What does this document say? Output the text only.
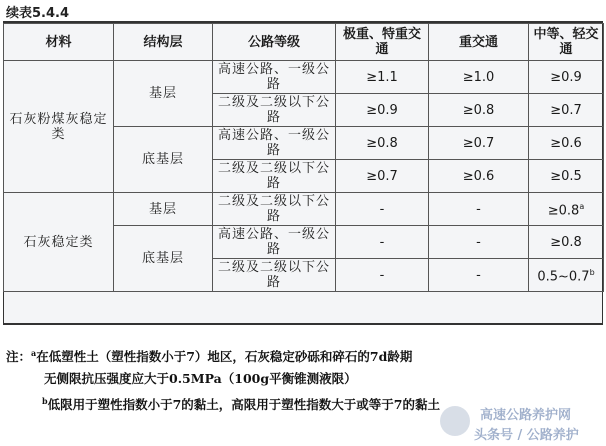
续表5.4.4
材料	结构层	公路等级	极重、特重交通	重交通	中等、轻交通
石灰粉煤灰稳定类	基层	高速公路、一级公路	≥1.1	≥1.0	≥0.9
		二级及二级以下公路	≥0.9	≥0.8	≥0.7
	底基层	高速公路、一级公路	≥0.8	≥0.7	≥0.6
		二级及二级以下公路	≥0.7	≥0.6	≥0.5
石灰稳定类	基层	二级及二级以下公路	-	-	≥0.8$^a$
	底基层	高速公路、一级公路	-	-	≥0.8
		二级及二级以下公路	-	-	0.5~0.7$^b$
注：$^a$在低塑性土（塑性指数小于7）地区，石灰稳定砂砾和碎石的7d龄期
无侧限抗压强度应大于0.5MPa（100g平衡锥测液限）
$^b$低限用于塑性指数小于7的黏土，高限用于塑性指数大于或等于7的黏土
高速公路养护网
头条号 / 公路养护
